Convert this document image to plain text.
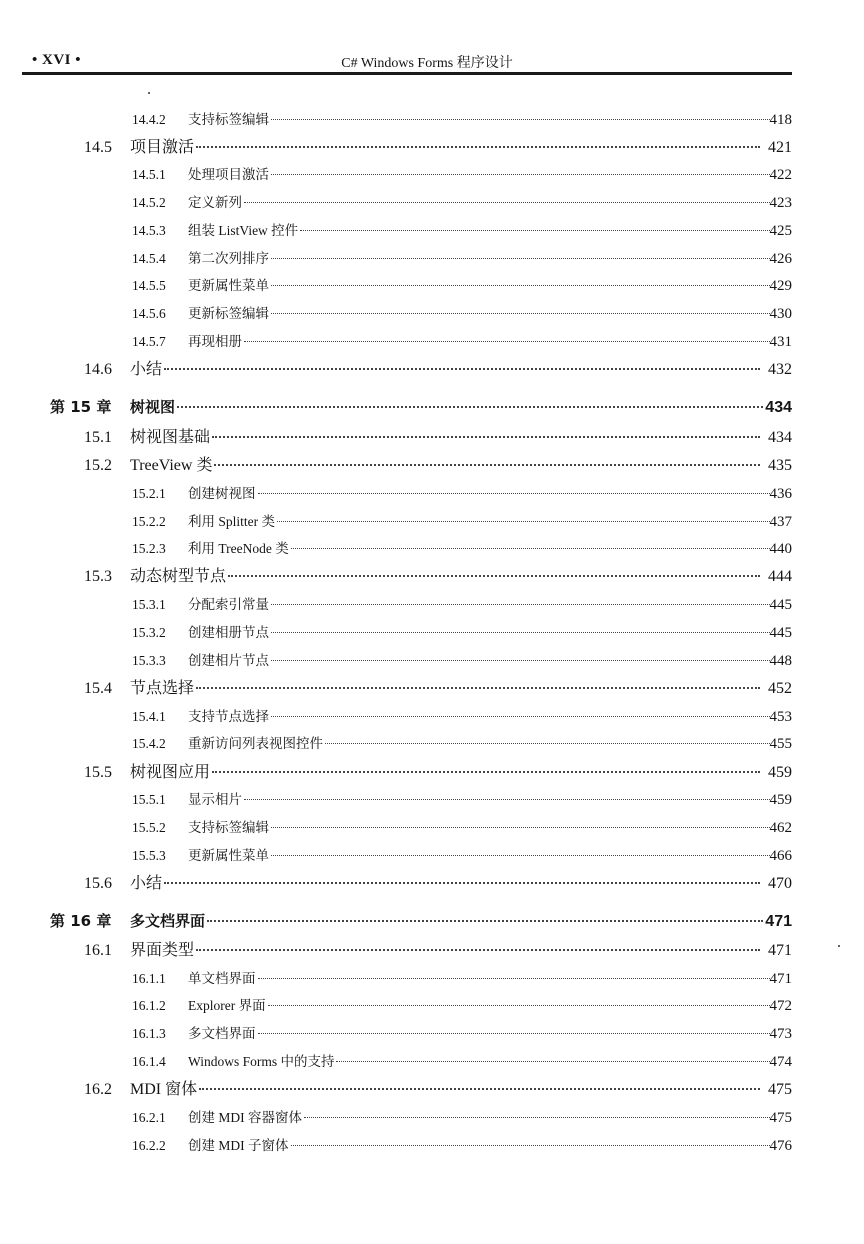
• XVI •	C# Windows Forms 程序设计
14.4.2	支持标签编辑	418
14.5	项目激活	421
14.5.1	处理项目激活	422
14.5.2	定义新列	423
14.5.3	组装 ListView 控件	425
14.5.4	第二次列排序	426
14.5.5	更新属性菜单	429
14.5.6	更新标签编辑	430
14.5.7	再现相册	431
14.6	小结	432
第 15 章	树视图	434
15.1	树视图基础	434
15.2	TreeView 类	435
15.2.1	创建树视图	436
15.2.2	利用 Splitter 类	437
15.2.3	利用 TreeNode 类	440
15.3	动态树型节点	444
15.3.1	分配索引常量	445
15.3.2	创建相册节点	445
15.3.3	创建相片节点	448
15.4	节点选择	452
15.4.1	支持节点选择	453
15.4.2	重新访问列表视图控件	455
15.5	树视图应用	459
15.5.1	显示相片	459
15.5.2	支持标签编辑	462
15.5.3	更新属性菜单	466
15.6	小结	470
第 16 章	多文档界面	471
16.1	界面类型	471
16.1.1	单文档界面	471
16.1.2	Explorer 界面	472
16.1.3	多文档界面	473
16.1.4	Windows Forms 中的支持	474
16.2	MDI 窗体	475
16.2.1	创建 MDI 容器窗体	475
16.2.2	创建 MDI 子窗体	476
